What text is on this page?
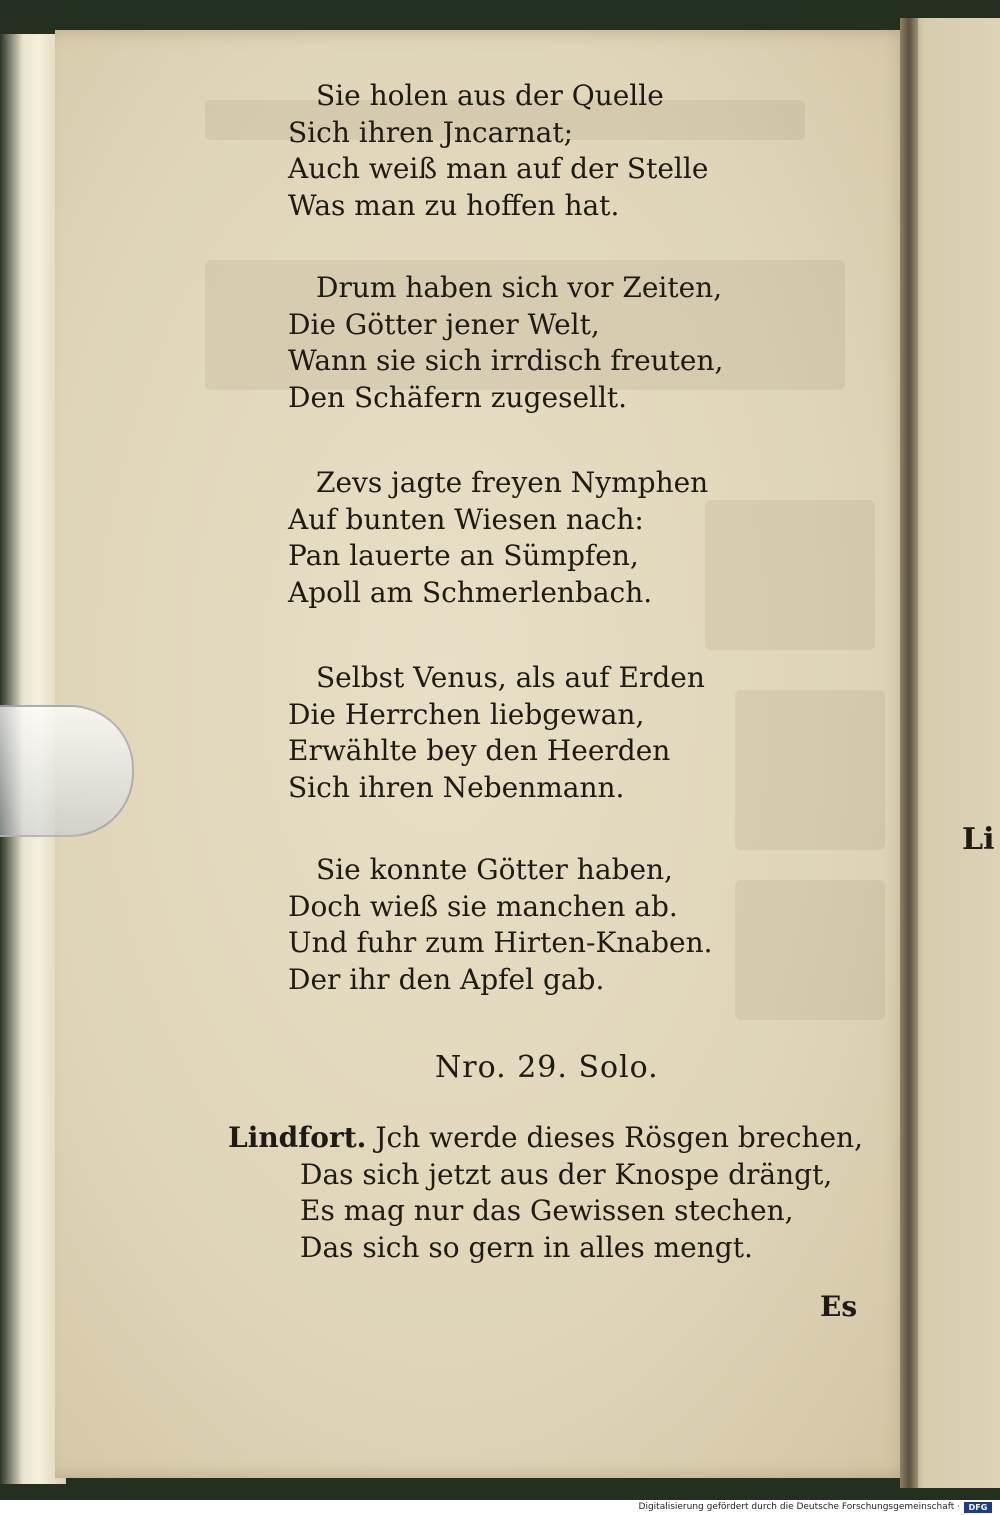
Sie holen aus der Quelle
Sich ihren Jncarnat;
Auch weiß man auf der Stelle
Was man zu hoffen hat.
Drum haben sich vor Zeiten,
Die Götter jener Welt,
Wann sie sich irrdisch freuten,
Den Schäfern zugesellt.
Zevs jagte freyen Nymphen
Auf bunten Wiesen nach:
Pan lauerte an Sümpfen,
Apoll am Schmerlenbach.
Selbst Venus, als auf Erden
Die Herrchen liebgewan,
Erwählte bey den Heerden
Sich ihren Nebenmann.
Sie konnte Götter haben,
Doch wieß sie manchen ab.
Und fuhr zum Hirten-Knaben.
Der ihr den Apfel gab.
Nro. 29. Solo.
Lindfort. Jch werde dieses Rösgen brechen,
Das sich jetzt aus der Knospe drängt,
Es mag nur das Gewissen stechen,
Das sich so gern in alles mengt.
Es
Li
Digitalisierung gefördert durch die Deutsche Forschungsgemeinschaft ·	DFG
